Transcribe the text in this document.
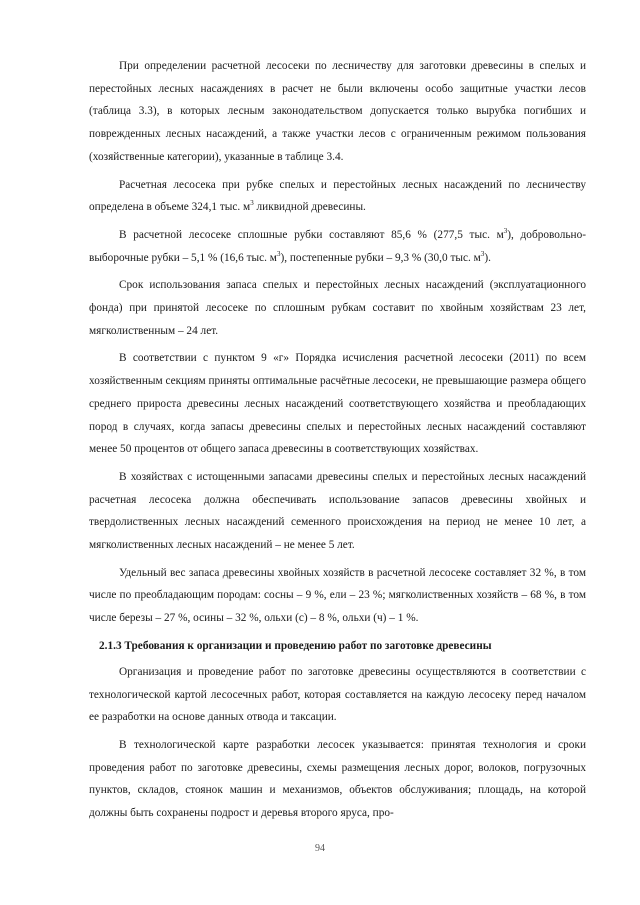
При определении расчетной лесосеки по лесничеству для заготовки древесины в спелых и перестойных лесных насаждениях в расчет не были включены особо защитные участки лесов (таблица 3.3), в которых лесным законодательством допускается только вырубка погибших и поврежденных лесных насаждений, а также участки лесов с ограниченным режимом пользования (хозяйственные категории), указанные в таблице 3.4.

Расчетная лесосека при рубке спелых и перестойных лесных насаждений по лесничеству определена в объеме 324,1 тыс. $м^3$ ликвидной древесины.

В расчетной лесосеке сплошные рубки составляют 85,6 % (277,5 тыс. $м^3$), добровольно-выборочные рубки – 5,1 % (16,6 тыс. $м^3$), постепенные рубки – 9,3 % (30,0 тыс. $м^3$).

Срок использования запаса спелых и перестойных лесных насаждений (эксплуатационного фонда) при принятой лесосеке по сплошным рубкам составит по хвойным хозяйствам 23 лет, мягколиственным – 24 лет.

В соответствии с пунктом 9 «г» Порядка исчисления расчетной лесосеки (2011) по всем хозяйственным секциям приняты оптимальные расчётные лесосеки, не превышающие размера общего среднего прироста древесины лесных насаждений соответствующего хозяйства и преобладающих пород в случаях, когда запасы древесины спелых и перестойных лесных насаждений составляют менее 50 процентов от общего запаса древесины в соответствующих хозяйствах.

В хозяйствах с истощенными запасами древесины спелых и перестойных лесных насаждений расчетная лесосека должна обеспечивать использование запасов древесины хвойных и твердолиственных лесных насаждений семенного происхождения на период не менее 10 лет, а мягколиственных лесных насаждений – не менее 5 лет.

Удельный вес запаса древесины хвойных хозяйств в расчетной лесосеке составляет 32 %, в том числе по преобладающим породам: сосны – 9 %, ели – 23 %; мягколиственных хозяйств – 68 %, в том числе березы – 27 %, осины – 32 %, ольхи (с) – 8 %, ольхи (ч) – 1 %.

2.1.3 Требования к организации и проведению работ по заготовке древесины

Организация и проведение работ по заготовке древесины осуществляются в соответствии с технологической картой лесосечных работ, которая составляется на каждую лесосеку перед началом ее разработки на основе данных отвода и таксации.

В технологической карте разработки лесосек указывается: принятая технология и сроки проведения работ по заготовке древесины, схемы размещения лесных дорог, волоков, погрузочных пунктов, складов, стоянок машин и механизмов, объектов обслуживания; площадь, на которой должны быть сохранены подрост и деревья второго яруса, про-

94
